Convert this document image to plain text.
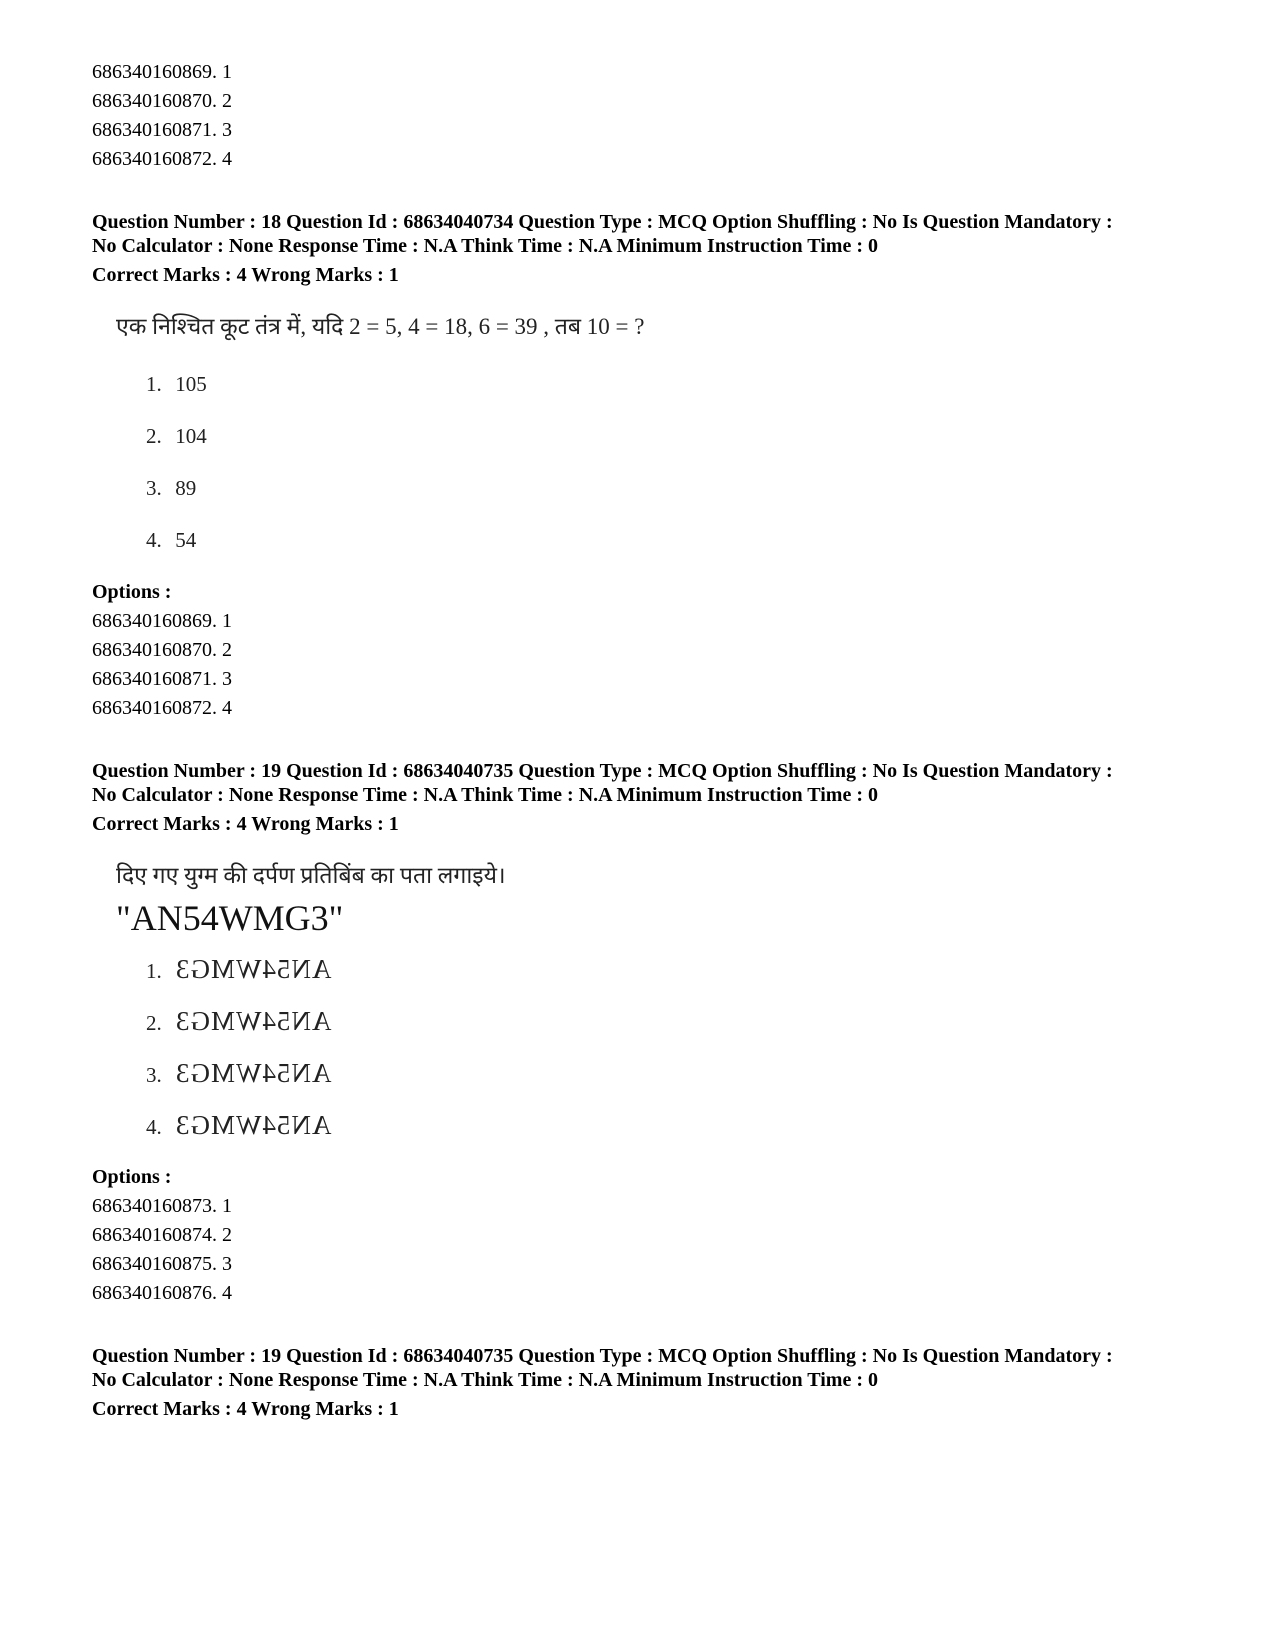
686340160869. 1
686340160870. 2
686340160871. 3
686340160872. 4
Question Number : 18 Question Id : 68634040734 Question Type : MCQ Option Shuffling : No Is Question Mandatory :
No Calculator : None Response Time : N.A Think Time : N.A Minimum Instruction Time : 0
Correct Marks : 4 Wrong Marks : 1
एक निश्चित कूट तंत्र में, यदि 2 = 5, 4 = 18, 6 = 39 , तब 10 = ?
1. 105
2. 104
3. 89
4. 54
Options :
686340160869. 1
686340160870. 2
686340160871. 3
686340160872. 4
Question Number : 19 Question Id : 68634040735 Question Type : MCQ Option Shuffling : No Is Question Mandatory :
No Calculator : None Response Time : N.A Think Time : N.A Minimum Instruction Time : 0
Correct Marks : 4 Wrong Marks : 1
दिए गए युग्म की दर्पण प्रतिबिंब का पता लगाइये।
"AN54WMG3"
1. AN54WMG3
2. AN54WMG3
3. AN54WMG3
4. AN54WMG3
Options :
686340160873. 1
686340160874. 2
686340160875. 3
686340160876. 4
Question Number : 19 Question Id : 68634040735 Question Type : MCQ Option Shuffling : No Is Question Mandatory :
No Calculator : None Response Time : N.A Think Time : N.A Minimum Instruction Time : 0
Correct Marks : 4 Wrong Marks : 1
